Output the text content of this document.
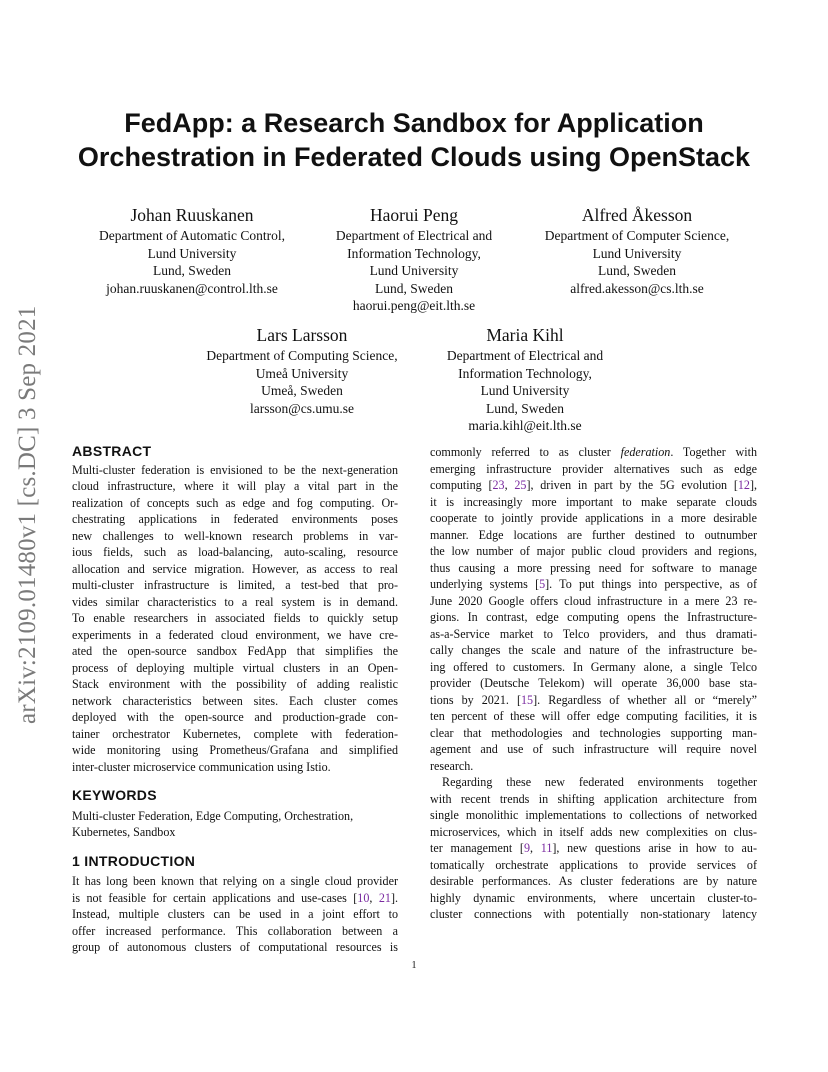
arXiv:2109.01480v1 [cs.DC] 3 Sep 2021
FedApp: a Research Sandbox for Application
Orchestration in Federated Clouds using OpenStack
Johan Ruuskanen
Department of Automatic Control,
Lund University
Lund, Sweden
johan.ruuskanen@control.lth.se
Haorui Peng
Department of Electrical and
Information Technology,
Lund University
Lund, Sweden
haorui.peng@eit.lth.se
Alfred Åkesson
Department of Computer Science,
Lund University
Lund, Sweden
alfred.akesson@cs.lth.se
Lars Larsson
Department of Computing Science,
Umeå University
Umeå, Sweden
larsson@cs.umu.se
Maria Kihl
Department of Electrical and
Information Technology,
Lund University
Lund, Sweden
maria.kihl@eit.lth.se
ABSTRACT

Multi-cluster federation is envisioned to be the next-generation
cloud infrastructure, where it will play a vital part in the
realization of concepts such as edge and fog computing. Or-
chestrating applications in federated environments poses
new challenges to well-known research problems in var-
ious fields, such as load-balancing, auto-scaling, resource
allocation and service migration. However, as access to real
multi-cluster infrastructure is limited, a test-bed that pro-
vides similar characteristics to a real system is in demand.
To enable researchers in associated fields to quickly setup
experiments in a federated cloud environment, we have cre-
ated the open-source sandbox FedApp that simplifies the
process of deploying multiple virtual clusters in an Open-
Stack environment with the possibility of adding realistic
network characteristics between sites. Each cluster comes
deployed with the open-source and production-grade con-
tainer orchestrator Kubernetes, complete with federation-
wide monitoring using Prometheus/Grafana and simplified
inter-cluster microservice communication using Istio.

KEYWORDS

Multi-cluster Federation, Edge Computing, Orchestration,
Kubernetes, Sandbox

1 INTRODUCTION

It has long been known that relying on a single cloud provider
is not feasible for certain applications and use-cases [10, 21].
Instead, multiple clusters can be used in a joint effort to
offer increased performance. This collaboration between a
group of autonomous clusters of computational resources is

commonly referred to as cluster federation. Together with
emerging infrastructure provider alternatives such as edge
computing [23, 25], driven in part by the 5G evolution [12],
it is increasingly more important to make separate clouds
cooperate to jointly provide applications in a more desirable
manner. Edge locations are further destined to outnumber
the low number of major public cloud providers and regions,
thus causing a more pressing need for software to manage
underlying systems [5]. To put things into perspective, as of
June 2020 Google offers cloud infrastructure in a mere 23 re-
gions. In contrast, edge computing opens the Infrastructure-
as-a-Service market to Telco providers, and thus dramati-
cally changes the scale and nature of the infrastructure be-
ing offered to customers. In Germany alone, a single Telco
provider (Deutsche Telekom) will operate 36,000 base sta-
tions by 2021. [15]. Regardless of whether all or “merely”
ten percent of these will offer edge computing facilities, it is
clear that methodologies and technologies supporting man-
agement and use of such infrastructure will require novel
research.

Regarding these new federated environments together
with recent trends in shifting application architecture from
single monolithic implementations to collections of networked
microservices, which in itself adds new complexities on clus-
ter management [9, 11], new questions arise in how to au-
tomatically orchestrate applications to provide services of
desirable performances. As cluster federations are by nature
highly dynamic environments, where uncertain cluster-to-
cluster connections with potentially non-stationary latency

1
